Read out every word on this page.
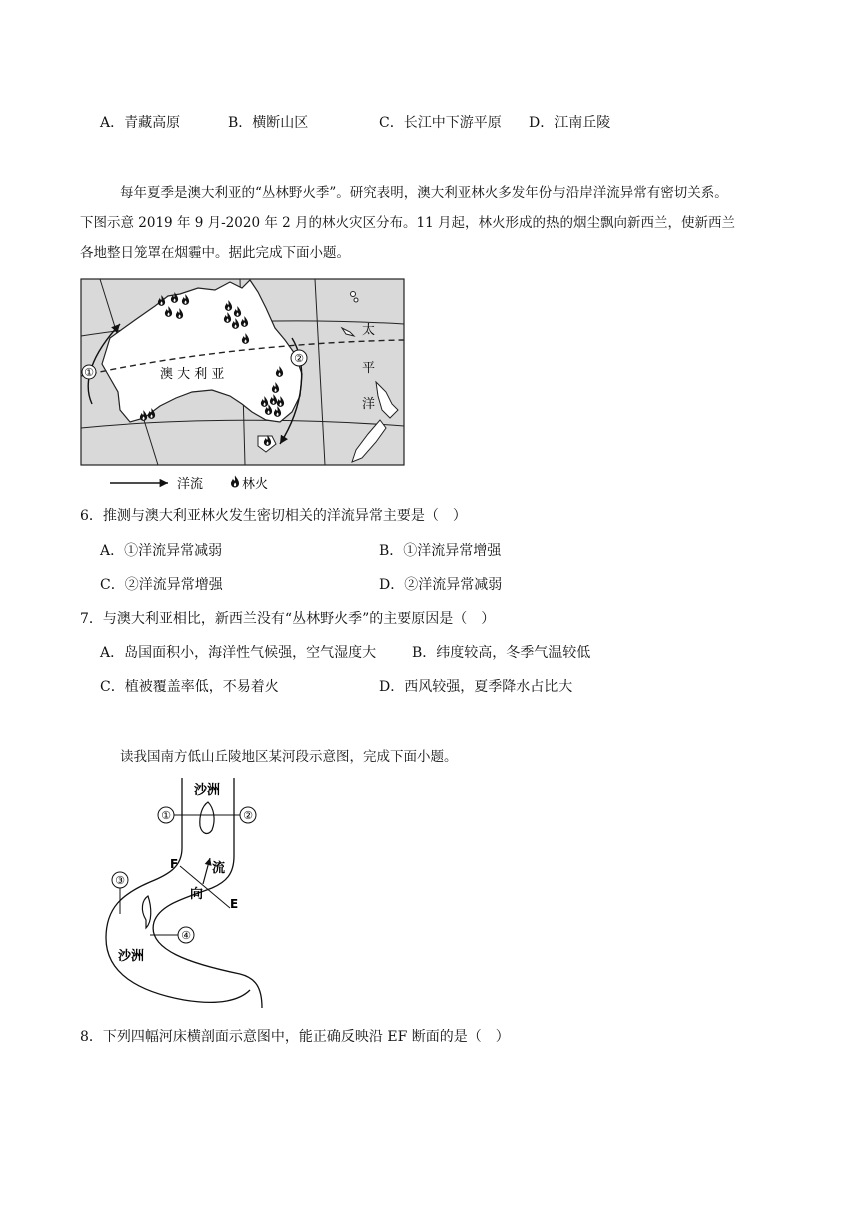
A．青藏高原	B．横断山区	C．长江中下游平原 D．江南丘陵

每年夏季是澳大利亚的“丛林野火季”。研究表明，澳大利亚林火多发年份与沿岸洋流异常有密切关系。

下图示意 2019 年 9 月-2020 年 2 月的林火灾区分布。11 月起，林火形成的热的烟尘飘向新西兰，使新西兰

各地整日笼罩在烟霾中。据此完成下面小题。

①
②
澳 大 利 亚
太
平
洋
洋流	林火
6．推测与澳大利亚林火发生密切相关的洋流异常主要是（　）
A．①洋流异常减弱	B．①洋流异常增强
C．②洋流异常增强	D．②洋流异常减弱
7．与澳大利亚相比，新西兰没有“丛林野火季”的主要原因是（　）
A．岛国面积小，海洋性气候强，空气湿度大	B．纬度较高，冬季气温较低
C．植被覆盖率低，不易着火	D．西风较强，夏季降水占比大

读我国南方低山丘陵地区某河段示意图，完成下面小题。

沙洲
沙洲
①	②
F
E
流
向
③
④
8．下列四幅河床横剖面示意图中，能正确反映沿 EF 断面的是（　）
